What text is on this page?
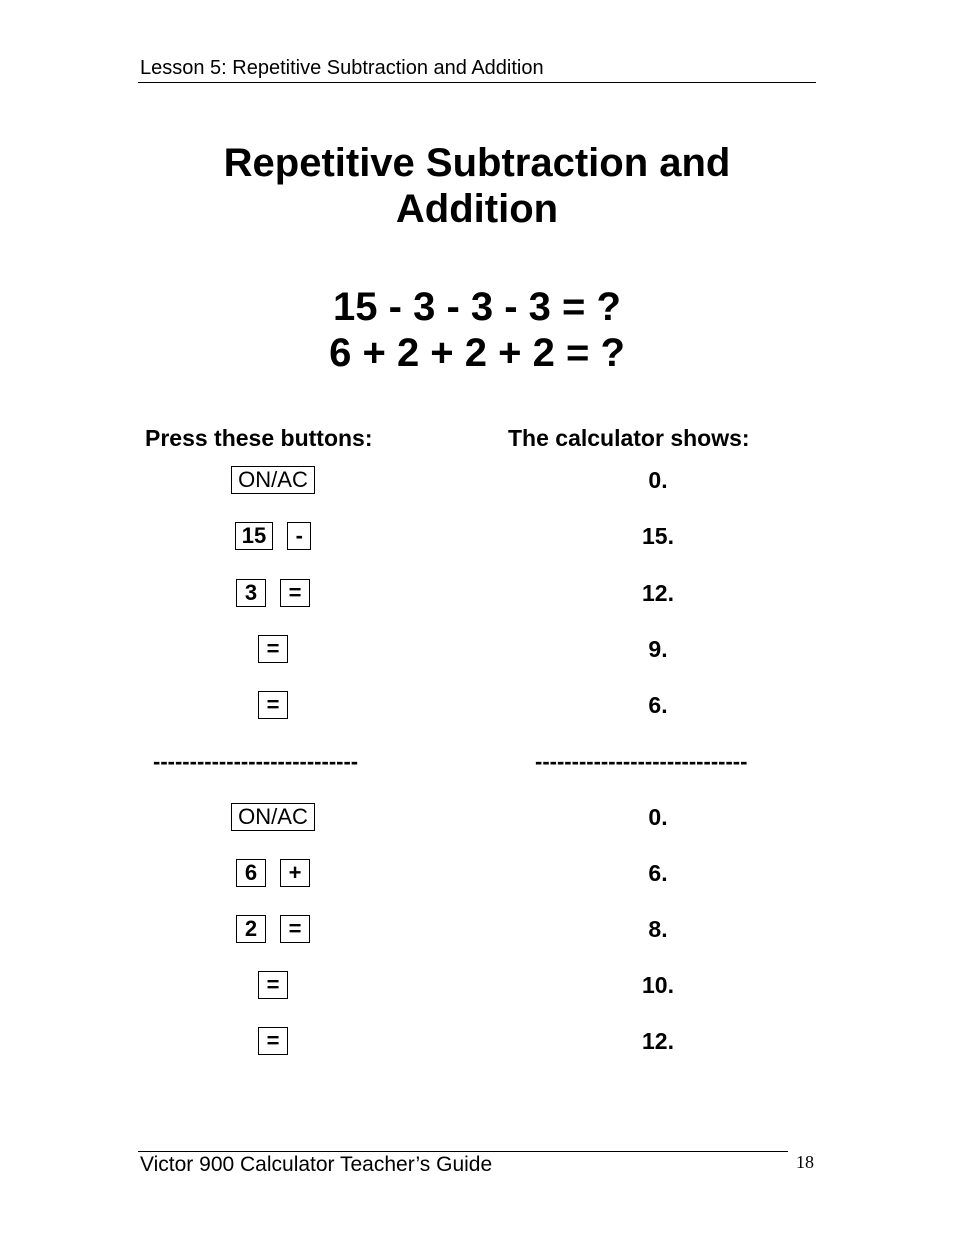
Lesson 5: Repetitive Subtraction and Addition
Repetitive Subtraction and
Addition
15 - 3 - 3 - 3 = ?
6 + 2 + 2 + 2 = ?
Press these buttons:	The calculator shows:
ON/AC	0.
15	-	15.
3	=	12.
=	9.
=	6.
----------------------------	-----------------------------
ON/AC	0.
6	+	6.
2	=	8.
=	10.
=	12.
Victor 900 Calculator Teacher’s Guide	18
